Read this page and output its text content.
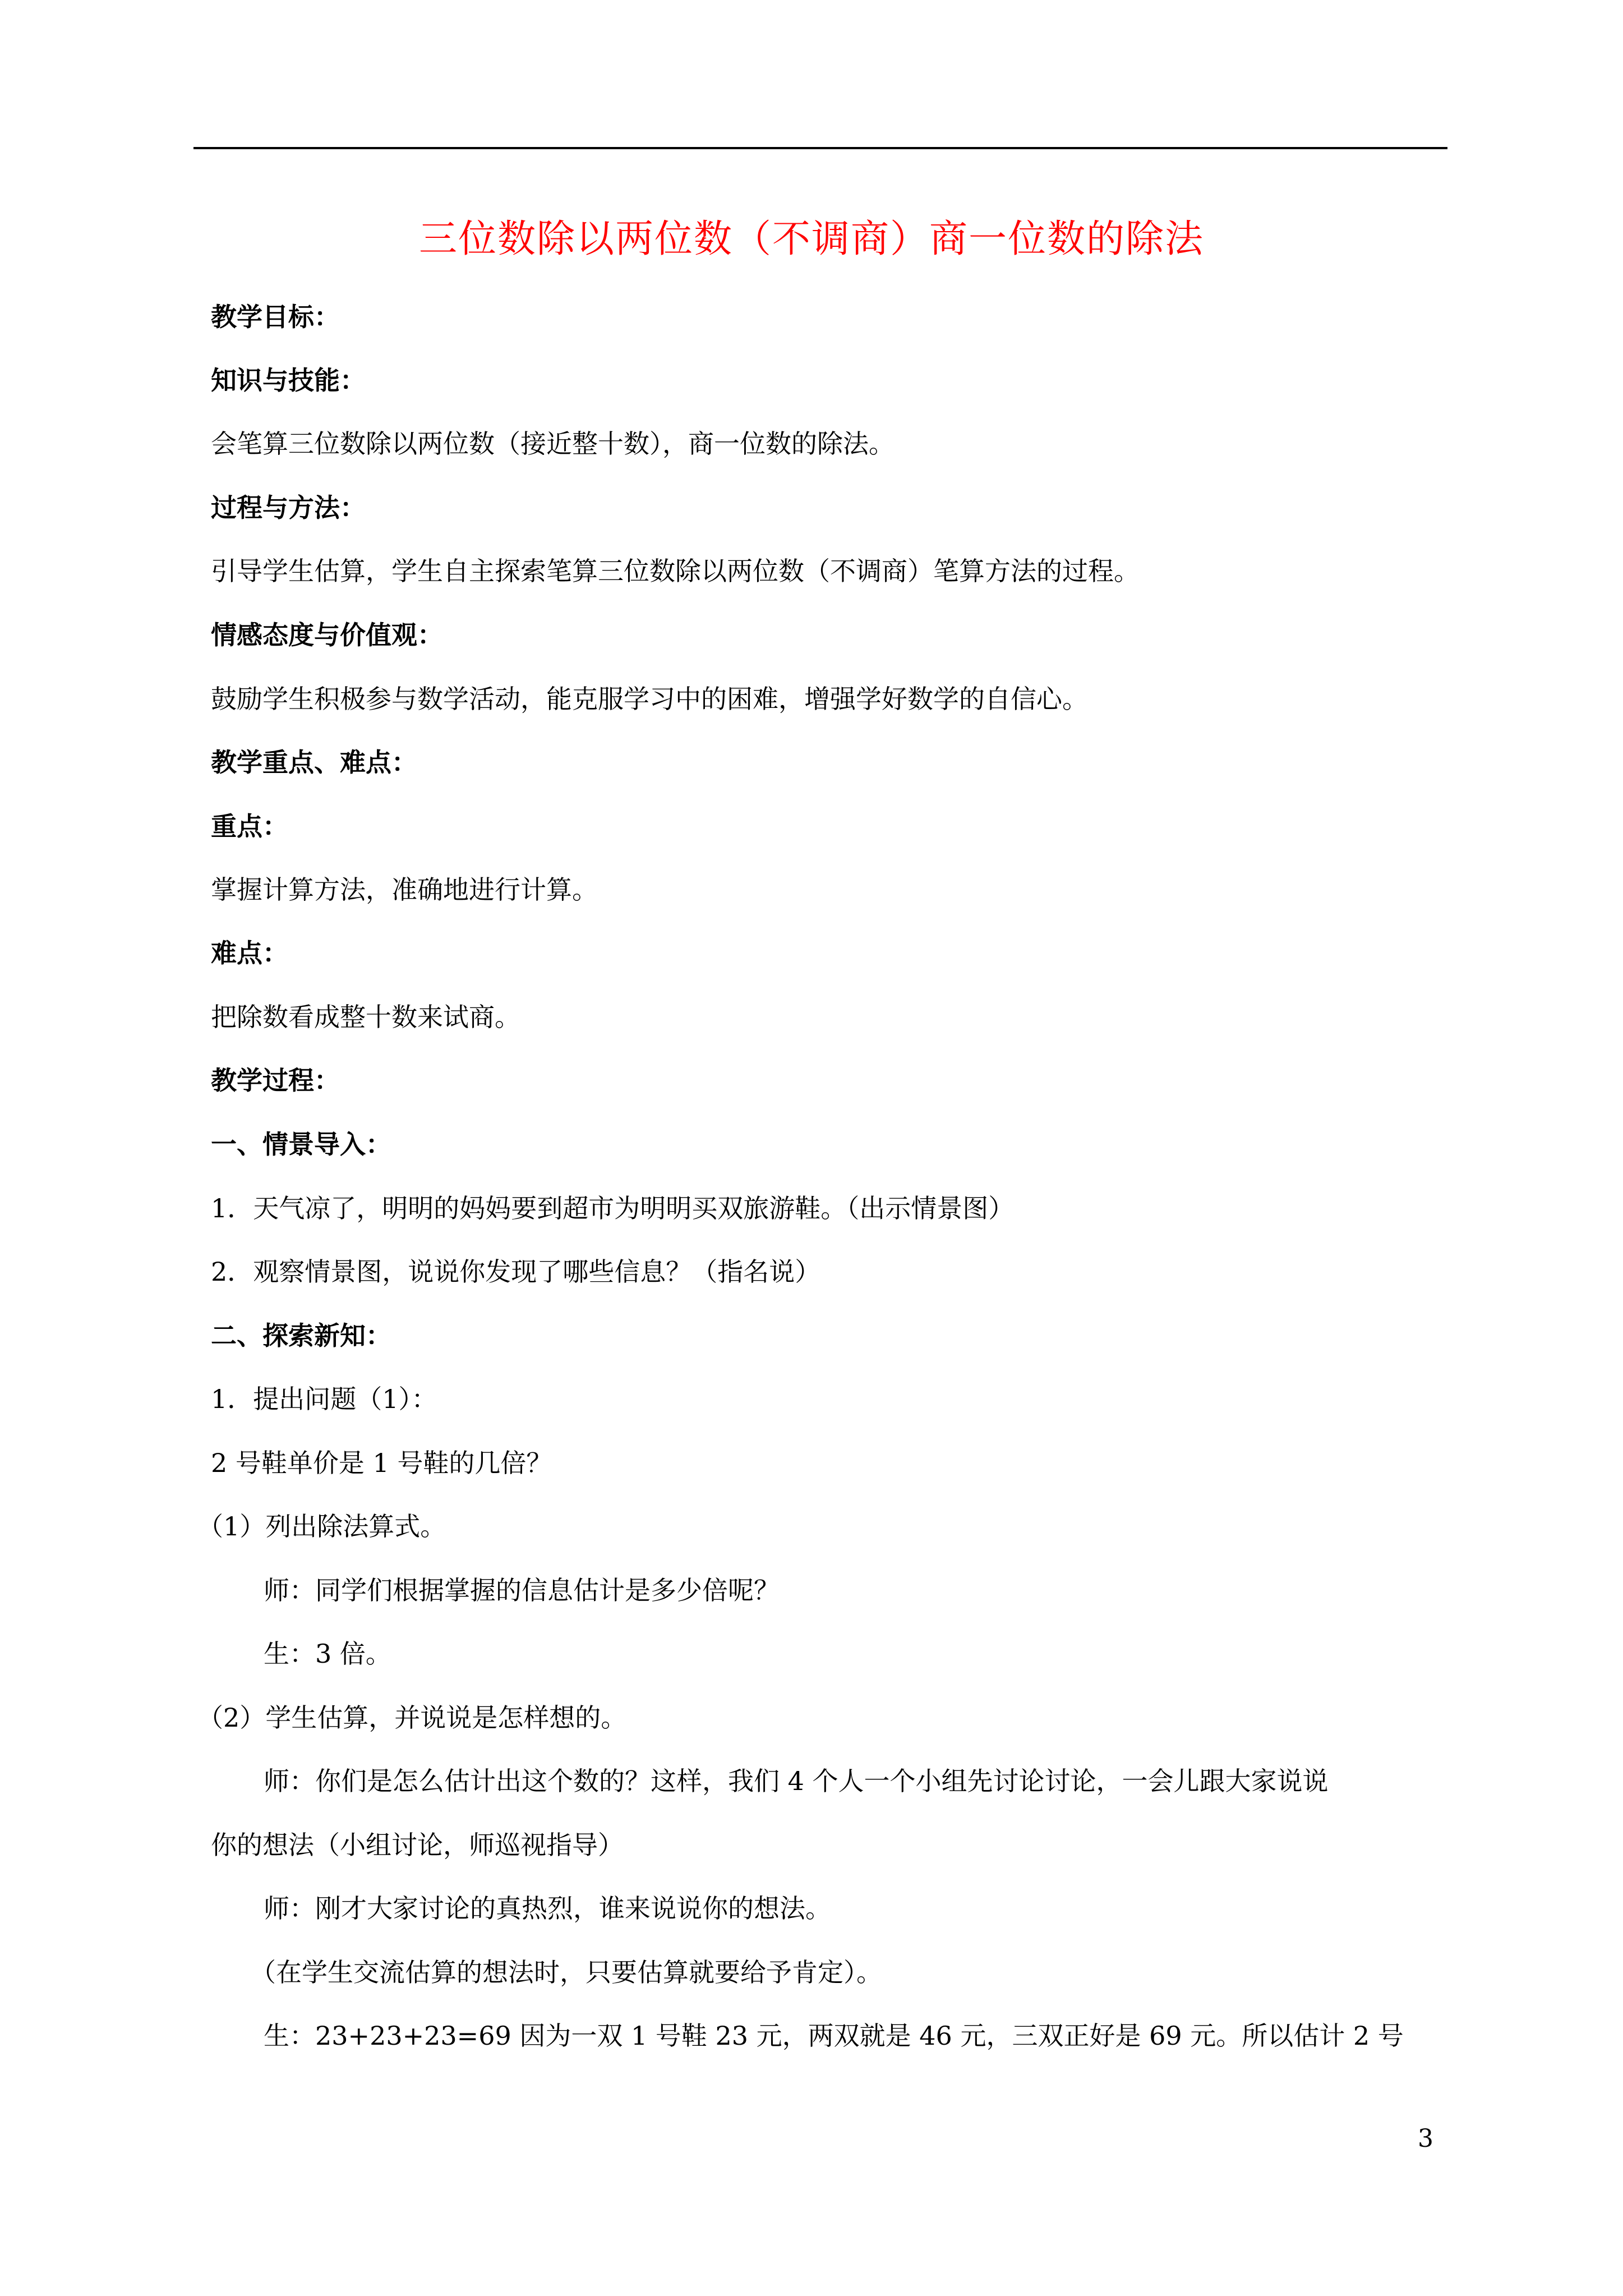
三位数除以两位数（不调商）商一位数的除法
教学目标：
知识与技能：
会笔算三位数除以两位数（接近整十数），商一位数的除法。
过程与方法：
引导学生估算，学生自主探索笔算三位数除以两位数（不调商）笔算方法的过程。
情感态度与价值观：
鼓励学生积极参与数学活动，能克服学习中的困难，增强学好数学的自信心。
教学重点、难点：
重点：
掌握计算方法，准确地进行计算。
难点：
把除数看成整十数来试商。
教学过程：
一、情景导入：
1．天气凉了，明明的妈妈要到超市为明明买双旅游鞋。（出示情景图）
2．观察情景图，说说你发现了哪些信息？（指名说）
二、探索新知：
1．提出问题（1）：
2 号鞋单价是 1 号鞋的几倍？
（1）列出除法算式。
师：同学们根据掌握的信息估计是多少倍呢？
生：3 倍。
（2）学生估算，并说说是怎样想的。
师：你们是怎么估计出这个数的？这样，我们 4 个人一个小组先讨论讨论，一会儿跟大家说说
你的想法（小组讨论，师巡视指导）
师：刚才大家讨论的真热烈，谁来说说你的想法。
（在学生交流估算的想法时，只要估算就要给予肯定）。
生：23+23+23=69 因为一双 1 号鞋 23 元，两双就是 46 元，三双正好是 69 元。所以估计 2 号
3
